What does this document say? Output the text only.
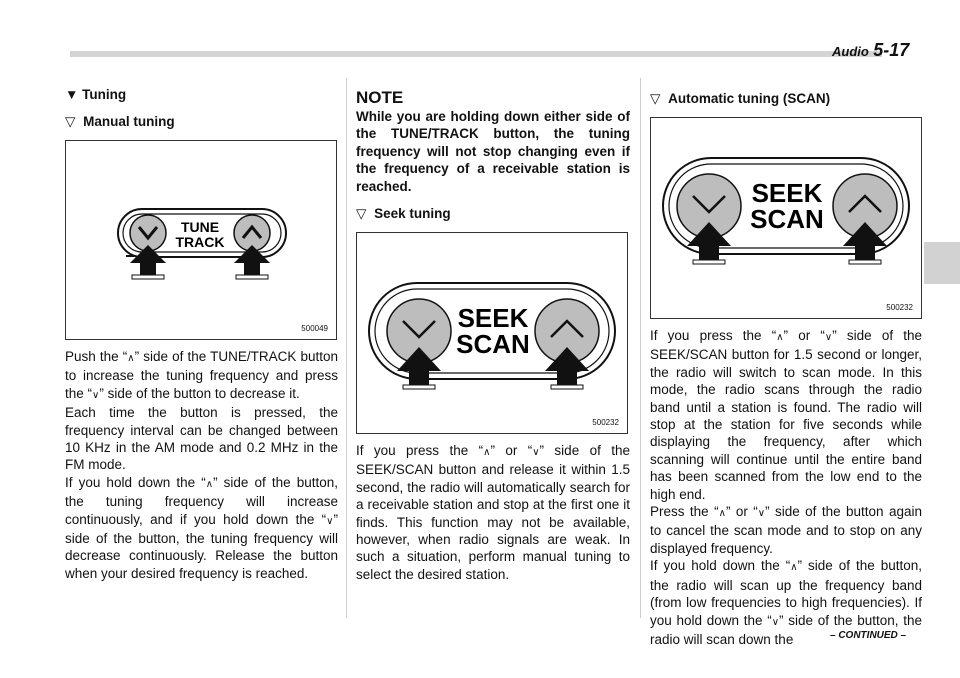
Audio 5-17
▼ Tuning
▽ Manual tuning
TUNE
TRACK
500049
Push the “∧” side of the TUNE/TRACK button to increase the tuning frequency and press the “∨” side of the button to decrease it.
Each time the button is pressed, the frequency interval can be changed between 10 KHz in the AM mode and 0.2 MHz in the FM mode.
If you hold down the “∧” side of the button, the tuning frequency will increase continuously, and if you hold down the “∨” side of the button, the tuning frequency will decrease continuously. Release the button when your desired frequency is reached.
NOTE
While you are holding down either side of the TUNE/TRACK button, the tuning frequency will not stop changing even if the frequency of a receivable station is reached.
▽ Seek tuning
SEEK
SCAN
500232
If you press the “∧” or “∨” side of the SEEK/SCAN button and release it within 1.5 second, the radio will automatically search for a receivable station and stop at the first one it finds. This function may not be available, however, when radio signals are weak. In such a situation, perform manual tuning to select the desired station.
▽ Automatic tuning (SCAN)
SEEK
SCAN
500232
If you press the “∧” or “∨” side of the SEEK/SCAN button for 1.5 second or longer, the radio will switch to scan mode. In this mode, the radio scans through the radio band until a station is found. The radio will stop at the station for five seconds while displaying the frequency, after which scanning will continue until the entire band has been scanned from the low end to the high end.
Press the “∧” or “∨” side of the button again to cancel the scan mode and to stop on any displayed frequency.
If you hold down the “∧” side of the button, the radio will scan up the frequency band (from low frequencies to high frequencies). If you hold down the “∨” side of the button, the radio will scan down the	– CONTINUED –
